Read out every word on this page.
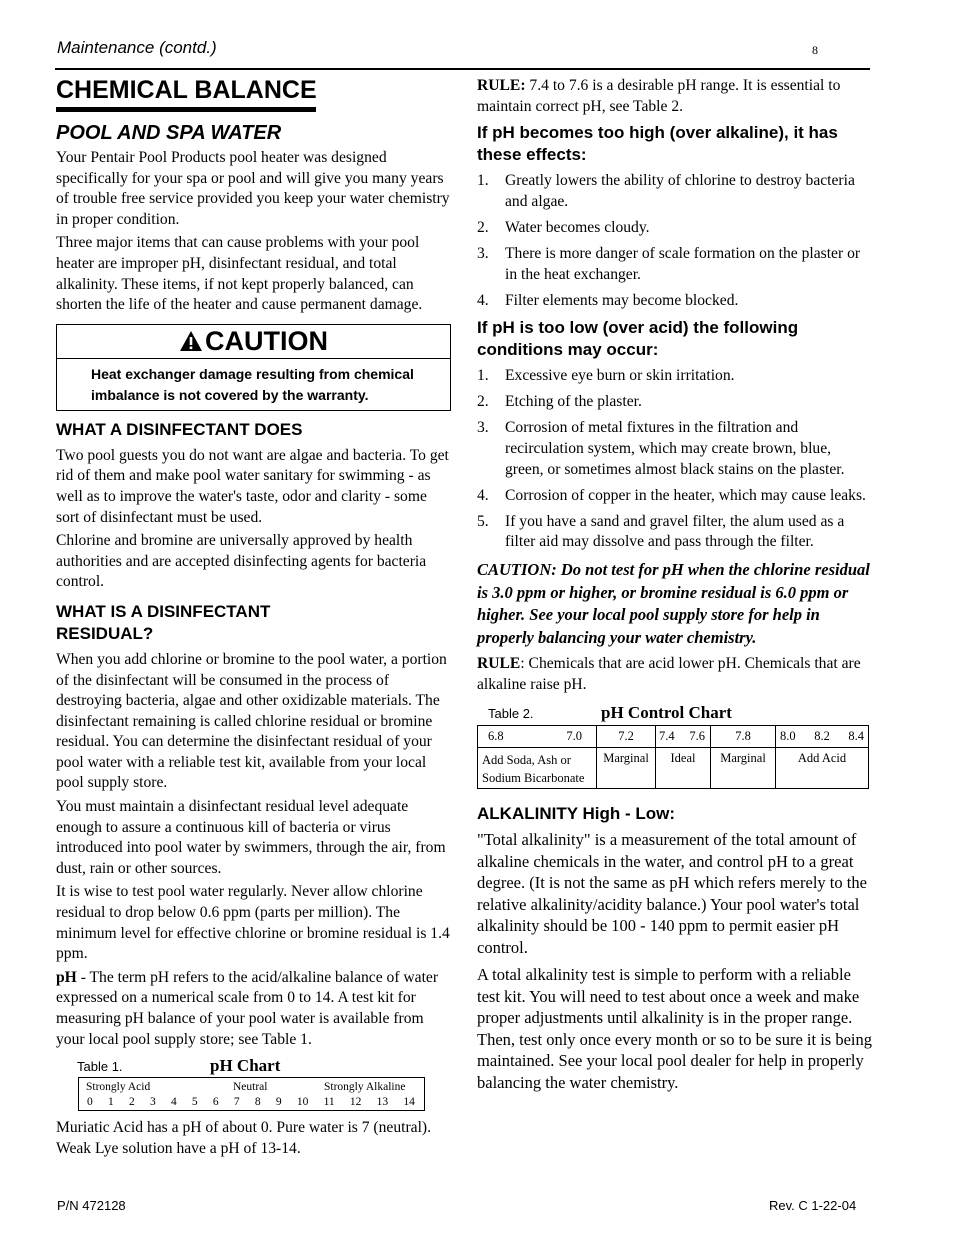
Maintenance (contd.)	8
CHEMICAL BALANCE
POOL AND SPA WATER

Your Pentair Pool Products pool heater was designed specifically for your spa or pool and will give you many years of trouble free service provided you keep your water chemistry in proper condition.

Three major items that can cause problems with your pool heater are improper pH, disinfectant residual, and total alkalinity. These items, if not kept properly balanced, can shorten the life of the heater and cause permanent damage.

CAUTION
Heat exchanger damage resulting from chemical imbalance is not covered by the warranty.
WHAT A DISINFECTANT DOES

Two pool guests you do not want are algae and bacteria. To get rid of them and make pool water sanitary for swimming - as well as to improve the water's taste, odor and clarity - some sort of disinfectant must be used.

Chlorine and bromine are universally approved by health authorities and are accepted disinfecting agents for bacteria control.

WHAT IS A DISINFECTANT RESIDUAL?

When you add chlorine or bromine to the pool water, a portion of the disinfectant will be consumed in the process of destroying bacteria, algae and other oxidizable materials. The disinfectant remaining is called chlorine residual or bromine residual. You can determine the disinfectant residual of your pool water with a reliable test kit, available from your local pool supply store.

You must maintain a disinfectant residual level adequate enough to assure a continuous kill of bacteria or virus introduced into pool water by swimmers, through the air, from dust, rain or other sources.

It is wise to test pool water regularly. Never allow chlorine residual to drop below 0.6 ppm (parts per million). The minimum level for effective chlorine or bromine residual is 1.4 ppm.

pH - The term pH refers to the acid/alkaline balance of water expressed on a numerical scale from 0 to 14. A test kit for measuring pH balance of your pool water is available from your local pool supply store; see Table 1.

Table 1.	pH Chart
Strongly Acid	Neutral	Strongly Alkaline
0 1 2 3 4 5 6 7 8 9 10 11 12 13 14

Muriatic Acid has a pH of about 0. Pure water is 7 (neutral). Weak Lye solution have a pH of 13-14.

RULE: 7.4 to 7.6 is a desirable pH range. It is essential to maintain correct pH, see Table 2.

If pH becomes too high (over alkaline), it has these effects:
1. Greatly lowers the ability of chlorine to destroy bacteria and algae.
2. Water becomes cloudy.
3. There is more danger of scale formation on the plaster or in the heat exchanger.
4. Filter elements may become blocked.
If pH is too low (over acid) the following conditions may occur:
1. Excessive eye burn or skin irritation.
2. Etching of the plaster.
3. Corrosion of metal fixtures in the filtration and recirculation system, which may create brown, blue, green, or sometimes almost black stains on the plaster.
4. Corrosion of copper in the heater, which may cause leaks.
5. If you have a sand and gravel filter, the alum used as a filter aid may dissolve and pass through the filter.
CAUTION: Do not test for pH when the chlorine residual is 3.0 ppm or higher, or bromine residual is 6.0 ppm or higher. See your local pool supply store for help in properly balancing your water chemistry.

RULE: Chemicals that are acid lower pH. Chemicals that are alkaline raise pH.

Table 2.	pH Control Chart
6.8 7.0	7.2	7.4 7.6	7.8	8.0 8.2 8.4

Add Soda, Ash or Sodium Bicarbonate	Marginal	Ideal	Marginal	Add Acid
ALKALINITY High - Low:

"Total alkalinity" is a measurement of the total amount of alkaline chemicals in the water, and control pH to a great degree. (It is not the same as pH which refers merely to the relative alkalinity/acidity balance.) Your pool water's total alkalinity should be 100 - 140 ppm to permit easier pH control.

A total alkalinity test is simple to perform with a reliable test kit. You will need to test about once a week and make proper adjustments until alkalinity is in the proper range. Then, test only once every month or so to be sure it is being maintained. See your local pool dealer for help in properly balancing the water chemistry.

P/N 472128	Rev. C 1-22-04
